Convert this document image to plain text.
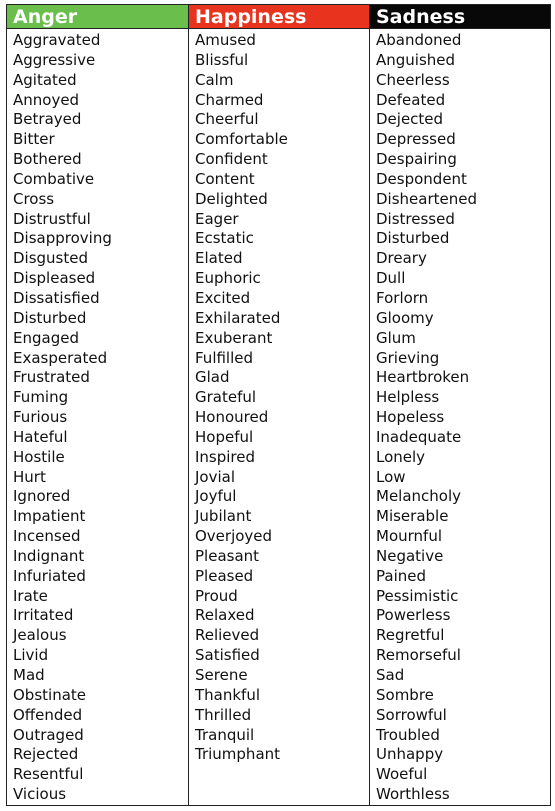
Anger
Aggravated
Aggressive
Agitated
Annoyed
Betrayed
Bitter
Bothered
Combative
Cross
Distrustful
Disapproving
Disgusted
Displeased
Dissatisfied
Disturbed
Engaged
Exasperated
Frustrated
Fuming
Furious
Hateful
Hostile
Hurt
Ignored
Impatient
Incensed
Indignant
Infuriated
Irate
Irritated
Jealous
Livid
Mad
Obstinate
Offended
Outraged
Rejected
Resentful
Vicious
Happiness
Amused
Blissful
Calm
Charmed
Cheerful
Comfortable
Confident
Content
Delighted
Eager
Ecstatic
Elated
Euphoric
Excited
Exhilarated
Exuberant
Fulfilled
Glad
Grateful
Honoured
Hopeful
Inspired
Jovial
Joyful
Jubilant
Overjoyed
Pleasant
Pleased
Proud
Relaxed
Relieved
Satisfied
Serene
Thankful
Thrilled
Tranquil
Triumphant
Sadness
Abandoned
Anguished
Cheerless
Defeated
Dejected
Depressed
Despairing
Despondent
Disheartened
Distressed
Disturbed
Dreary
Dull
Forlorn
Gloomy
Glum
Grieving
Heartbroken
Helpless
Hopeless
Inadequate
Lonely
Low
Melancholy
Miserable
Mournful
Negative
Pained
Pessimistic
Powerless
Regretful
Remorseful
Sad
Sombre
Sorrowful
Troubled
Unhappy
Woeful
Worthless
